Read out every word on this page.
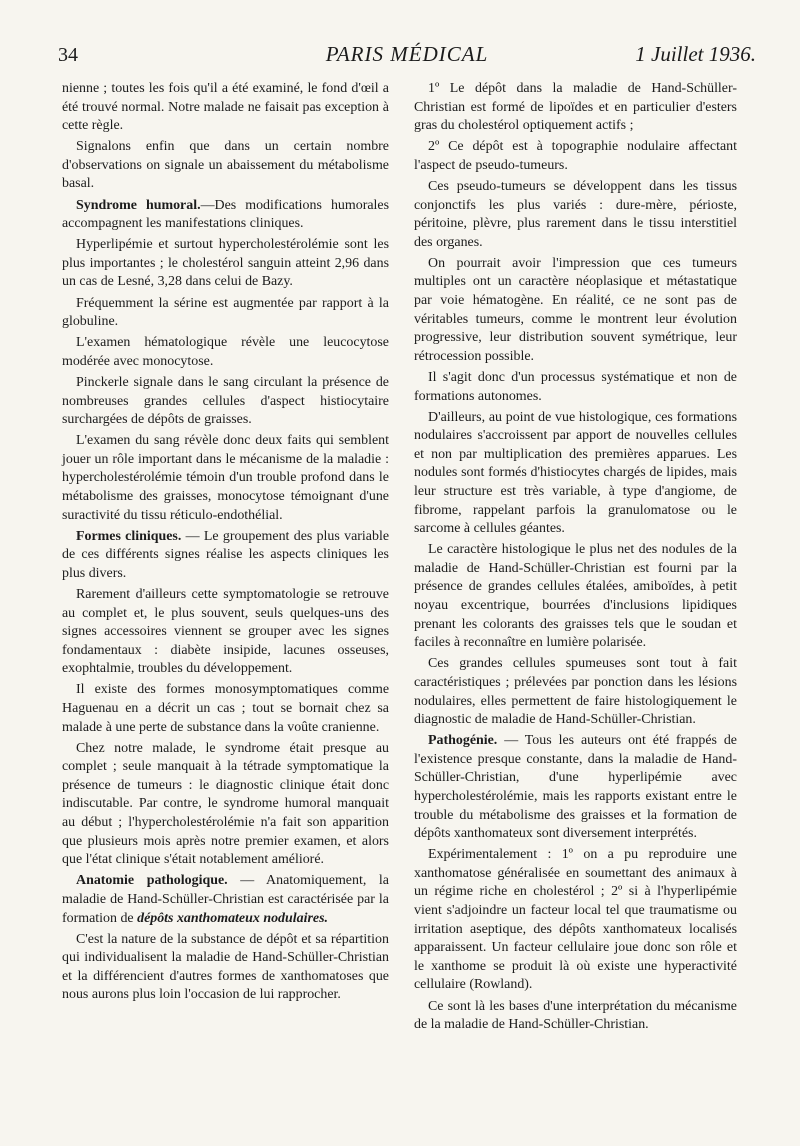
34	PARIS MÉDICAL	1 Juillet 1936.

nienne ; toutes les fois qu'il a été examiné, le fond d'œil a été trouvé normal. Notre malade ne faisait pas exception à cette règle.

Signalons enfin que dans un certain nombre d'observations on signale un abaissement du métabolisme basal.

Syndrome humoral.—Des modifications humorales accompagnent les manifestations cliniques.

Hyperlipémie et surtout hypercholestérolémie sont les plus importantes ; le cholestérol sanguin atteint 2,96 dans un cas de Lesné, 3,28 dans celui de Bazy.

Fréquemment la sérine est augmentée par rapport à la globuline.

L'examen hématologique révèle une leucocytose modérée avec monocytose.

Pinckerle signale dans le sang circulant la présence de nombreuses grandes cellules d'aspect histiocytaire surchargées de dépôts de graisses.

L'examen du sang révèle donc deux faits qui semblent jouer un rôle important dans le mécanisme de la maladie : hypercholestérolémie témoin d'un trouble profond dans le métabolisme des graisses, monocytose témoignant d'une suractivité du tissu réticulo-endothélial.

Formes cliniques. — Le groupement des plus variable de ces différents signes réalise les aspects cliniques les plus divers.

Rarement d'ailleurs cette symptomatologie se retrouve au complet et, le plus souvent, seuls quelques-uns des signes accessoires viennent se grouper avec les signes fondamentaux : diabète insipide, lacunes osseuses, exophtalmie, troubles du développement.

Il existe des formes monosymptomatiques comme Haguenau en a décrit un cas ; tout se bornait chez sa malade à une perte de substance dans la voûte cranienne.

Chez notre malade, le syndrome était presque au complet ; seule manquait à la tétrade symptomatique la présence de tumeurs : le diagnostic clinique était donc indiscutable. Par contre, le syndrome humoral manquait au début ; l'hypercholestérolémie n'a fait son apparition que plusieurs mois après notre premier examen, et alors que l'état clinique s'était notablement amélioré.

Anatomie pathologique. — Anatomiquement, la maladie de Hand-Schüller-Christian est caractérisée par la formation de dépôts xanthomateux nodulaires.

C'est la nature de la substance de dépôt et sa répartition qui individualisent la maladie de Hand-Schüller-Christian et la différencient d'autres formes de xanthomatoses que nous aurons plus loin l'occasion de lui rapprocher.

1º Le dépôt dans la maladie de Hand-Schüller-Christian est formé de lipoïdes et en particulier d'esters gras du cholestérol optiquement actifs ;

2º Ce dépôt est à topographie nodulaire affectant l'aspect de pseudo-tumeurs.

Ces pseudo-tumeurs se développent dans les tissus conjonctifs les plus variés : dure-mère, périoste, péritoine, plèvre, plus rarement dans le tissu interstitiel des organes.

On pourrait avoir l'impression que ces tumeurs multiples ont un caractère néoplasique et métastatique par voie hématogène. En réalité, ce ne sont pas de véritables tumeurs, comme le montrent leur évolution progressive, leur distribution souvent symétrique, leur rétrocession possible.

Il s'agit donc d'un processus systématique et non de formations autonomes.

D'ailleurs, au point de vue histologique, ces formations nodulaires s'accroissent par apport de nouvelles cellules et non par multiplication des premières apparues. Les nodules sont formés d'histiocytes chargés de lipides, mais leur structure est très variable, à type d'angiome, de fibrome, rappelant parfois la granulomatose ou le sarcome à cellules géantes.

Le caractère histologique le plus net des nodules de la maladie de Hand-Schüller-Christian est fourni par la présence de grandes cellules étalées, amiboïdes, à petit noyau excentrique, bourrées d'inclusions lipidiques prenant les colorants des graisses tels que le soudan et faciles à reconnaître en lumière polarisée.

Ces grandes cellules spumeuses sont tout à fait caractéristiques ; prélevées par ponction dans les lésions nodulaires, elles permettent de faire histologiquement le diagnostic de maladie de Hand-Schüller-Christian.

Pathogénie. — Tous les auteurs ont été frappés de l'existence presque constante, dans la maladie de Hand-Schüller-Christian, d'une hyperlipémie avec hypercholestérolémie, mais les rapports existant entre le trouble du métabolisme des graisses et la formation de dépôts xanthomateux sont diversement interprétés.

Expérimentalement : 1º on a pu reproduire une xanthomatose généralisée en soumettant des animaux à un régime riche en cholestérol ; 2º si à l'hyperlipémie vient s'adjoindre un facteur local tel que traumatisme ou irritation aseptique, des dépôts xanthomateux localisés apparaissent. Un facteur cellulaire joue donc son rôle et le xanthome se produit là où existe une hyperactivité cellulaire (Rowland).

Ce sont là les bases d'une interprétation du mécanisme de la maladie de Hand-Schüller-Christian.
